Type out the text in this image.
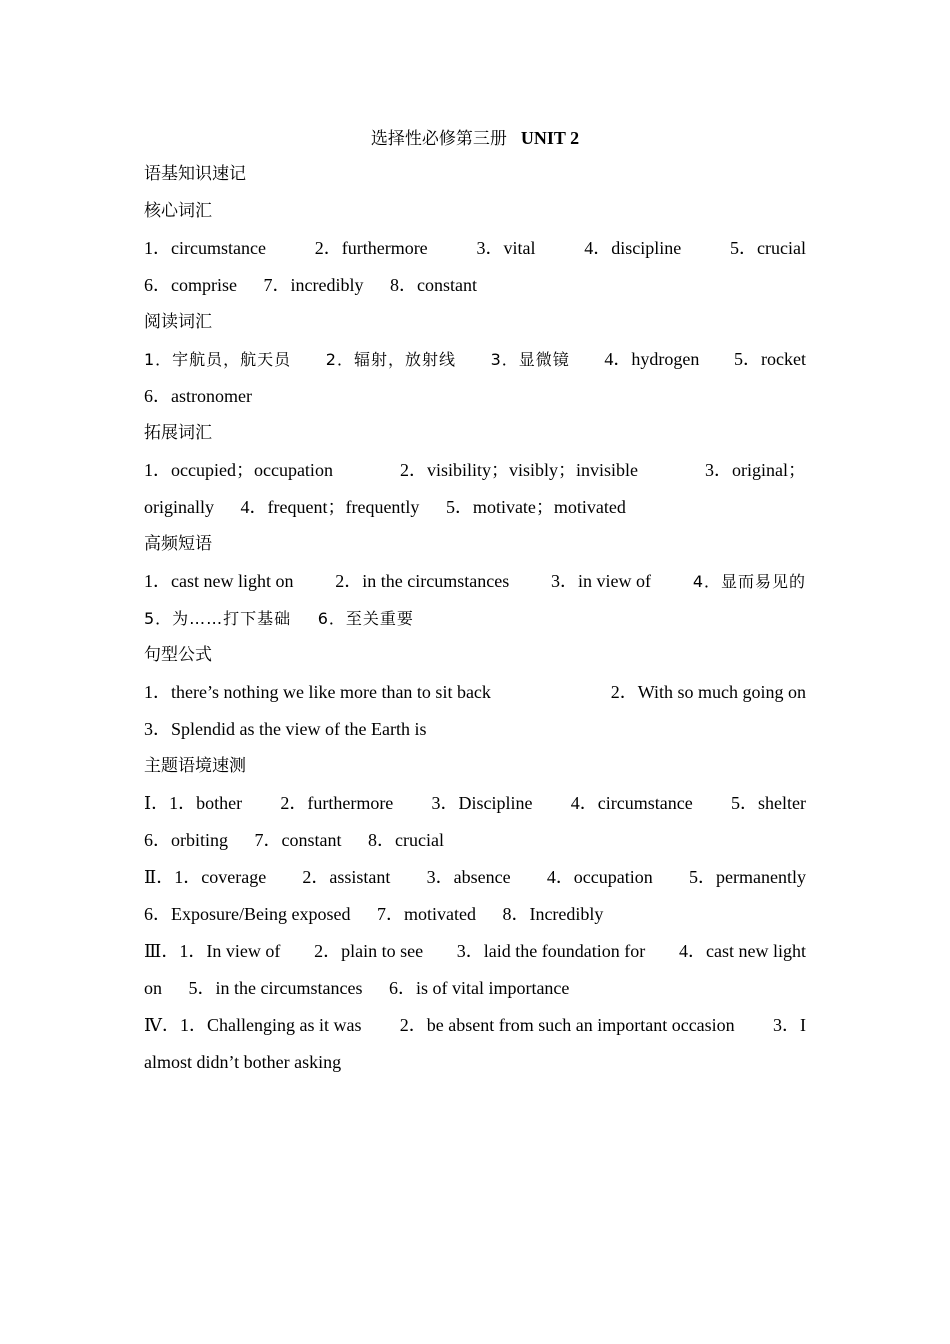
选择性必修第三册 UNIT 2
语基知识速记
核心词汇
1．circumstance	2．furthermore	3．vital	4．discipline	5．crucial
6．comprise 7．incredibly 8．constant
阅读词汇
1．宇航员，航天员 2．辐射，放射线 3．显微镜 4．hydrogen 5．rocket
6．astronomer
拓展词汇
1．occupied；occupation	2．visibility；visibly；invisible	3．original；
originally 4．frequent；frequently 5．motivate；motivated
高频短语
1．cast new light on 2．in the circumstances 3．in view of	4．显而易见的
5．为……打下基础 6．至关重要
句型公式
1．there’s nothing we like more than to sit back	2．With so much going on
3．Splendid as the view of the Earth is
主题语境速测
Ⅰ．1．bother 2．furthermore 3．Discipline 4．circumstance 5．shelter
6．orbiting 7．constant 8．crucial
Ⅱ．1．coverage 2．assistant 3．absence 4．occupation 5．permanently
6．Exposure/Being exposed 7．motivated 8．Incredibly
Ⅲ．1．In view of 2．plain to see 3．laid the foundation for 4．cast new light
on 5．in the circumstances 6．is of vital importance
Ⅳ．1．Challenging as it was 2．be absent from such an important occasion 3．I
almost didn’t bother asking
